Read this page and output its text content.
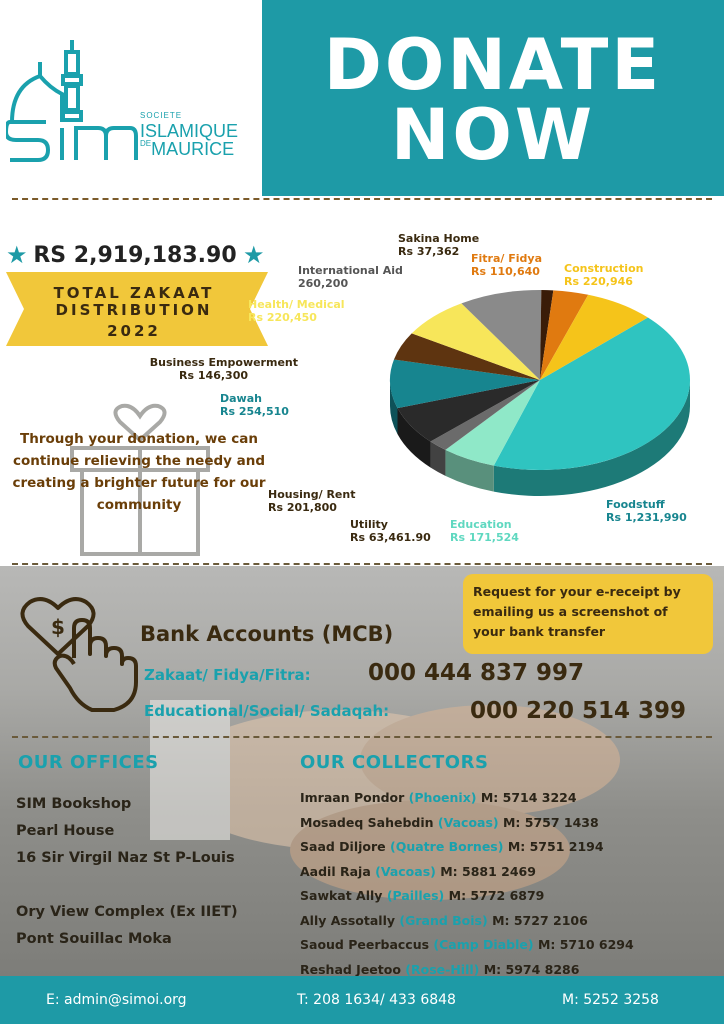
SOCIETE
ISLAMIQUE
$^{DE}$MAURICE
DONATE
NOW
★ RS 2,919,183.90 ★
TOTAL ZAKAAT
DISTRIBUTION
2022
Through your donation, we can continue relieving the needy and creating a brighter future for our community
Sakina Home
Rs 37,362
Fitra/ Fidya
Rs 110,640 Construction
Rs 220,946
International Aid
260,200
Health/ Medical
Rs 220,450
Business Empowerment
Rs 146,300
Dawah
Rs 254,510
Housing/ Rent
Rs 201,800
Utility
Rs 63,461.90
Education
Rs 171,524
Foodstuff
Rs 1,231,990
$	Bank Accounts (MCB)
Request for your e-receipt by emailing us a screenshot of your bank transfer
Zakaat/ Fidya/Fitra: 000 444 837 997
Educational/Social/ Sadaqah:	000 220 514 399
OUR OFFICES	OUR COLLECTORS
SIM Bookshop
Pearl House
16 Sir Virgil Naz St P-Louis
Ory View Complex (Ex IIET)
Pont Souillac Moka
Imraan Pondor (Phoenix) M: 5714 3224
Mosadeq Sahebdin (Vacoas) M: 5757 1438
Saad Diljore (Quatre Bornes) M: 5751 2194
Aadil Raja (Vacoas) M: 5881 2469
Sawkat Ally (Pailles) M: 5772 6879
Ally Assotally (Grand Bois) M: 5727 2106
Saoud Peerbaccus (Camp Diable) M: 5710 6294
Reshad Jeetoo (Rose-Hill) M: 5974 8286
E: admin@simoi.org	T: 208 1634/ 433 6848	M: 5252 3258
